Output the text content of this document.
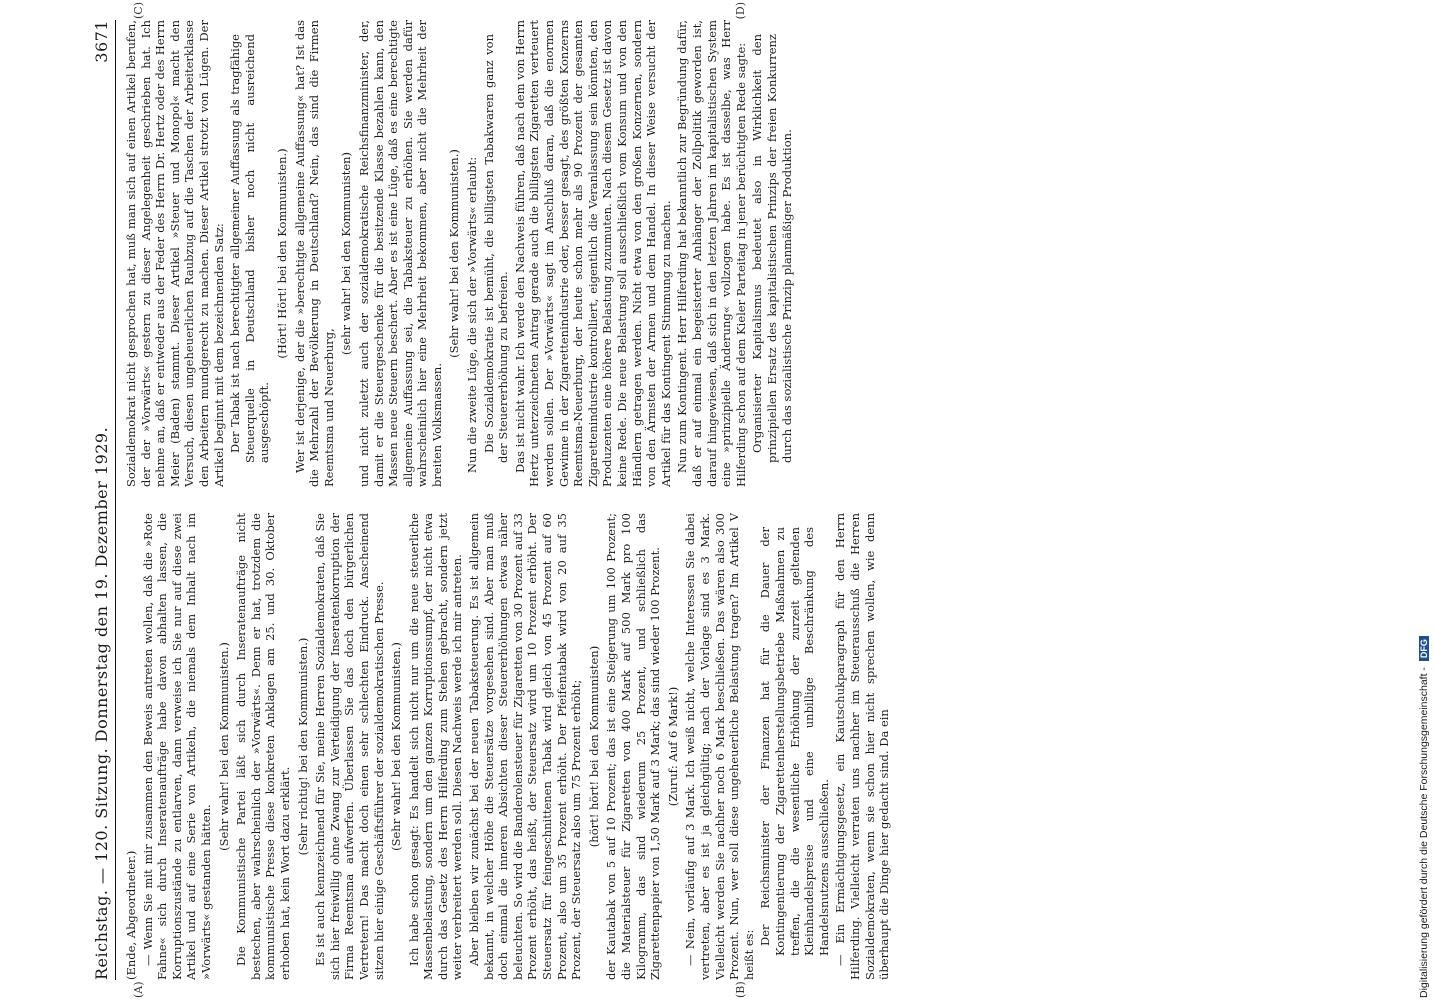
Digitalisierung gefördert durch die Deutsche Forschungsgemeinschaft -
DFG
Reichstag. — 120. Sitzung. Donnerstag den 19. Dezember 1929.
3671
(A)	(B)
(C)	(D)

(Ende, Abgeordneter.) — Wenn Sie mit mir zusammen den Beweis antreten wollen, daß die »Rote Fahne« sich durch Inseratenaufträge habe davon abhalten lassen, die Korruptionszustände zu entlarven, dann verweise ich Sie nur auf diese zwei Artikel und auf eine Serie von Artikeln, die niemals dem Inhalt nach im »Vorwärts« gestanden hätten.

(Sehr wahr! bei den Kommunisten.) Die Kommunistische Partei läßt sich durch Inseratenaufträge nicht bestechen, aber wahrscheinlich der »Vorwärts«. Denn er hat, trotzdem die kommunistische Presse diese konkreten Anklagen am 25. und 30. Oktober erhoben hat, kein Wort dazu erklärt.

(Sehr richtig! bei den Kommunisten.) Es ist auch kennzeichnend für Sie, meine Herren Sozialdemokraten, daß Sie sich hier freiwillig ohne Zwang zur Verteidigung der Inseratenkorruption der Firma Reemtsma aufwerfen. Überlassen Sie das doch den bürgerlichen Vertretern! Das macht doch einen sehr schlechten Eindruck. Anscheinend sitzen hier einige Geschäftsführer der sozialdemokratischen Presse. (Sehr wahr! bei den Kommunisten.) Ich habe schon gesagt: Es handelt sich nicht nur um die neue steuerliche Massenbelastung, sondern um den ganzen Korruptionssumpf, der nicht etwa durch das Gesetz des Herrn Hilferding zum Stehen gebracht, sondern jetzt weiter verbreitert werden soll. Diesen Nachweis werde ich mir antreten. Aber bleiben wir zunächst bei der neuen Tabaksteuerung. Es ist allgemein bekannt, in welcher Höhe die Steuersätze vorgesehen sind. Aber man muß doch einmal die inneren Absichten dieser Steuererhöhungen etwas näher beleuchten. So wird die Banderolensteuer für Zigaretten von 30 Prozent auf 33 Prozent erhöht, das heißt, der Steuersatz wird um 10 Prozent erhöht. Der Steuersatz für feingeschnittenen Tabak wird gleich von 45 Prozent auf 60 Prozent, also um 35 Prozent erhöht. Der Pfeifentabak wird von 20 auf 35 Prozent, der Steuersatz also um 75 Prozent erhöht; (hört! hört! bei den Kommunisten) der Kautabak von 5 auf 10 Prozent; das ist eine Steigerung um 100 Prozent; die Materialsteuer für Zigaretten von 400 Mark auf 500 Mark pro 100 Kilogramm, das sind wiederum 25 Prozent, und schließlich das Zigarettenpapier von 1,50 Mark auf 3 Mark; das sind wieder 100 Prozent. (Zuruf: Auf 6 Mark!) — Nein, vorläufig auf 3 Mark. Ich weiß nicht, welche Interessen Sie dabei vertreten, aber es ist ja gleichgültig; nach der Vorlage sind es 3 Mark. Vielleicht werden Sie nachher noch 6 Mark beschließen. Das wären also 300 Prozent. Nun, wer soll diese ungeheuerliche Belastung tragen? Im Artikel V heißt es:

Der Reichsminister der Finanzen hat für die Dauer der Kontingentierung der Zigarettenherstellungsbetriebe Maßnahmen zu treffen, die die wesentliche Erhöhung der zurzeit geltenden Kleinhandelspreise und eine unbillige Beschränkung des Handelsnutzens ausschließen. — Ein Ermächtigungsgesetz, ein Kautschukparagraph für den Herrn Hilferding. Vielleicht verraten uns nachher im Steuerausschuß die Herren Sozialdemokraten, wenn sie schon hier nicht sprechen wollen, wie denn überhaupt die Dinge hier gedacht sind. Da ein

Sozialdemokrat nicht gesprochen hat, muß man sich auf einen Artikel berufen, der der »Vorwärts« gestern zu dieser Angelegenheit geschrieben hat. Ich nehme an, daß er entweder aus der Feder des Herrn Dr. Hertz oder des Herrn Meier (Baden) stammt. Dieser Artikel »Steuer und Monopol« macht den Versuch, diesen ungeheuerlichen Raubzug auf die Taschen der Arbeiterklasse den Arbeitern mundgerecht zu machen. Dieser Artikel strotzt von Lügen. Der Artikel beginnt mit dem bezeichnenden Satz: Der Tabak ist nach berechtigter allgemeiner Auffassung als tragfähige Steuerquelle in Deutschland bisher noch nicht ausreichend ausgeschöpft.

(Hört! Hört! bei den Kommunisten.) Wer ist derjenige, der die »berechtigte allgemeine Auffassung« hat? Ist das die Mehrzahl der Bevölkerung in Deutschland? Nein, das sind die Firmen Reemtsma und Neuerburg,

(sehr wahr! bei den Kommunisten) und nicht zuletzt auch der sozialdemokratische Reichsfinanzminister, der, damit er die Steuergeschenke für die besitzende Klasse bezahlen kann, den Massen neue Steuern beschert. Aber es ist eine Lüge, daß es eine berechtigte allgemeine Auffassung sei, die Tabaksteuer zu erhöhen. Sie werden dafür wahrscheinlich hier eine Mehrheit bekommen, aber nicht die Mehrheit der breiten Volksmassen.

(Sehr wahr! bei den Kommunisten.) Nun die zweite Lüge, die sich der »Vorwärts« erlaubt: Die Sozialdemokratie ist bemüht, die billigsten Tabakwaren ganz von der Steuererhöhung zu befreien. Das ist nicht wahr. Ich werde den Nachweis führen, daß nach dem von Herrn Hertz unterzeichneten Antrag gerade auch die billigsten Zigaretten verteuert werden sollen. Der »Vorwärts« sagt im Anschluß daran, daß die enormen Gewinne in der Zigarettenindustrie oder, besser gesagt, des größten Konzerns Reemtsma-Neuerburg, der heute schon mehr als 90 Prozent der gesamten Zigarettenindustrie kontrolliert, eigentlich die Veranlassung sein könnten, den Produzenten eine höhere Belastung zuzumuten. Nach diesem Gesetz ist davon keine Rede. Die neue Belastung soll ausschließlich vom Konsum und von den Händlern getragen werden. Nicht etwa von den großen Konzernen, sondern von den Ärmsten der Armen und dem Handel. In dieser Weise versucht der Artikel für das Kontingent Stimmung zu machen. Nun zum Kontingent. Herr Hilferding hat bekanntlich zur Begründung dafür, daß er auf einmal ein begeisterter Anhänger der Zollpolitik geworden ist, darauf hingewiesen, daß sich in den letzten Jahren im kapitalistischen System eine »prinzipielle Änderung« vollzogen habe. Es ist dasselbe, was Herr Hilferding schon auf dem Kieler Parteitag in jener berüchtigten Rede sagte: Organisierter Kapitalismus bedeutet also in Wirklichkeit den prinzipiellen Ersatz des kapitalistischen Prinzips der freien Konkurrenz durch das sozialistische Prinzip planmäßiger Produktion.
